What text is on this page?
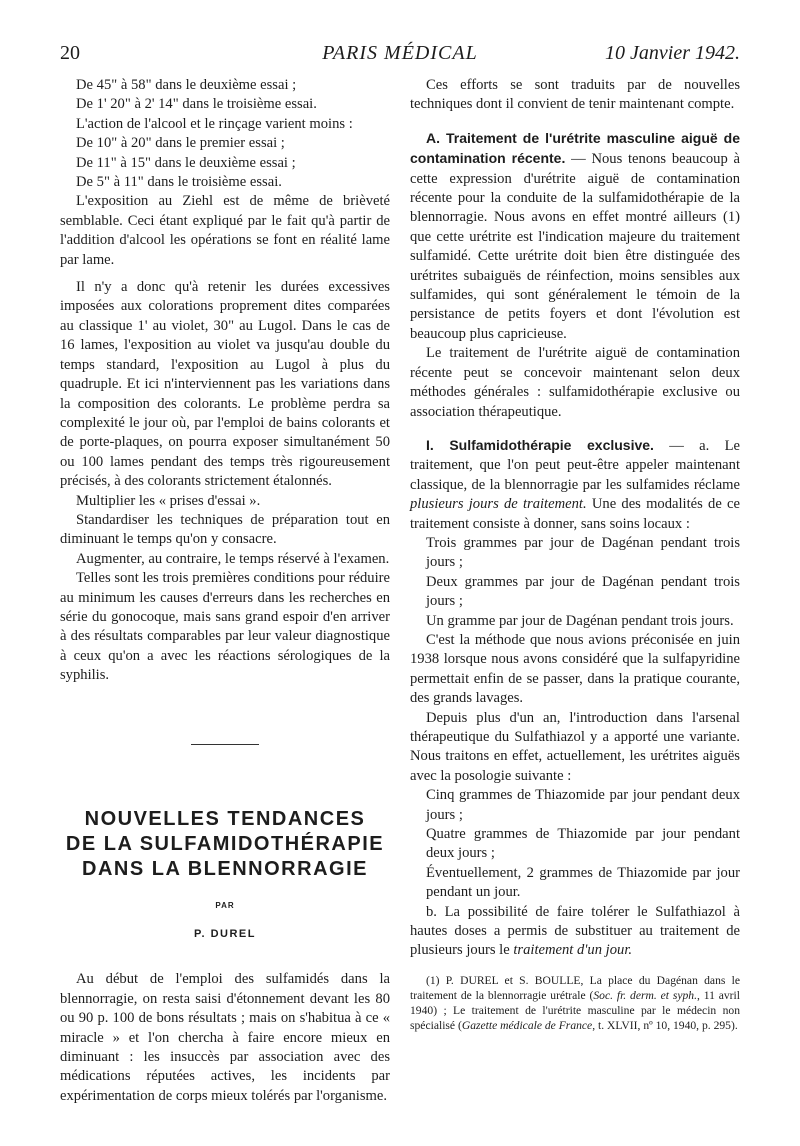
20	PARIS MÉDICAL	10 Janvier 1942.

De 45" à 58" dans le deuxième essai ;

De 1' 20" à 2' 14" dans le troisième essai.

L'action de l'alcool et le rinçage varient moins :

De 10" à 20" dans le premier essai ;

De 11" à 15" dans le deuxième essai ;

De 5" à 11" dans le troisième essai.

L'exposition au Ziehl est de même de brièveté semblable. Ceci étant expliqué par le fait qu'à partir de l'addition d'alcool les opérations se font en réalité lame par lame.

Il n'y a donc qu'à retenir les durées excessives imposées aux colorations proprement dites comparées au classique 1' au violet, 30" au Lugol. Dans le cas de 16 lames, l'exposition au violet va jusqu'au double du temps standard, l'exposition au Lugol à plus du quadruple. Et ici n'interviennent pas les variations dans la composition des colorants. Le problème perdra sa complexité le jour où, par l'emploi de bains colorants et de porte-plaques, on pourra exposer simultanément 50 ou 100 lames pendant des temps très rigoureusement précisés, à des colorants strictement étalonnés.

Multiplier les « prises d'essai ».

Standardiser les techniques de préparation tout en diminuant le temps qu'on y consacre.

Augmenter, au contraire, le temps réservé à l'examen.

Telles sont les trois premières conditions pour réduire au minimum les causes d'erreurs dans les recherches en série du gonocoque, mais sans grand espoir d'en arriver à des résultats comparables par leur valeur diagnostique à ceux qu'on a avec les réactions sérologiques de la syphilis.

NOUVELLES TENDANCES
DE LA SULFAMIDOTHÉRAPIE
DANS LA BLENNORRAGIE
PAR
P. DUREL

Au début de l'emploi des sulfamidés dans la blennorragie, on resta saisi d'étonnement devant les 80 ou 90 p. 100 de bons résultats ; mais on s'habitua à ce « miracle » et l'on chercha à faire encore mieux en diminuant : les insuccès par association avec des médications réputées actives, les incidents par expérimentation de corps mieux tolérés par l'organisme.

Ces efforts se sont traduits par de nouvelles techniques dont il convient de tenir maintenant compte.

A. Traitement de l'urétrite masculine aiguë de contamination récente. — Nous tenons beaucoup à cette expression d'urétrite aiguë de contamination récente pour la conduite de la sulfamidothérapie de la blennorragie. Nous avons en effet montré ailleurs (1) que cette urétrite est l'indication majeure du traitement sulfamidé. Cette urétrite doit bien être distinguée des urétrites subaiguës de réinfection, moins sensibles aux sulfamides, qui sont généralement le témoin de la persistance de petits foyers et dont l'évolution est beaucoup plus capricieuse.

Le traitement de l'urétrite aiguë de contamination récente peut se concevoir maintenant selon deux méthodes générales : sulfamidothérapie exclusive ou association thérapeutique.

I. Sulfamidothérapie exclusive. — a. Le traitement, que l'on peut peut-être appeler maintenant classique, de la blennorragie par les sulfamides réclame plusieurs jours de traitement. Une des modalités de ce traitement consiste à donner, sans soins locaux :

Trois grammes par jour de Dagénan pendant trois jours ;

Deux grammes par jour de Dagénan pendant trois jours ;

Un gramme par jour de Dagénan pendant trois jours.

C'est la méthode que nous avions préconisée en juin 1938 lorsque nous avons considéré que la sulfapyridine permettait enfin de se passer, dans la pratique courante, des grands lavages.

Depuis plus d'un an, l'introduction dans l'arsenal thérapeutique du Sulfathiazol y a apporté une variante. Nous traitons en effet, actuellement, les urétrites aiguës avec la posologie suivante :

Cinq grammes de Thiazomide par jour pendant deux jours ;

Quatre grammes de Thiazomide par jour pendant deux jours ;

Éventuellement, 2 grammes de Thiazomide par jour pendant un jour.

b. La possibilité de faire tolérer le Sulfathiazol à hautes doses a permis de substituer au traitement de plusieurs jours le traitement d'un jour.

(1) P. DUREL et S. BOULLE, La place du Dagénan dans le traitement de la blennorragie urétrale (Soc. fr. derm. et syph., 11 avril 1940) ; Le traitement de l'urétrite masculine par le médecin non spécialisé (Gazette médicale de France, t. XLVII, nº 10, 1940, p. 295).
